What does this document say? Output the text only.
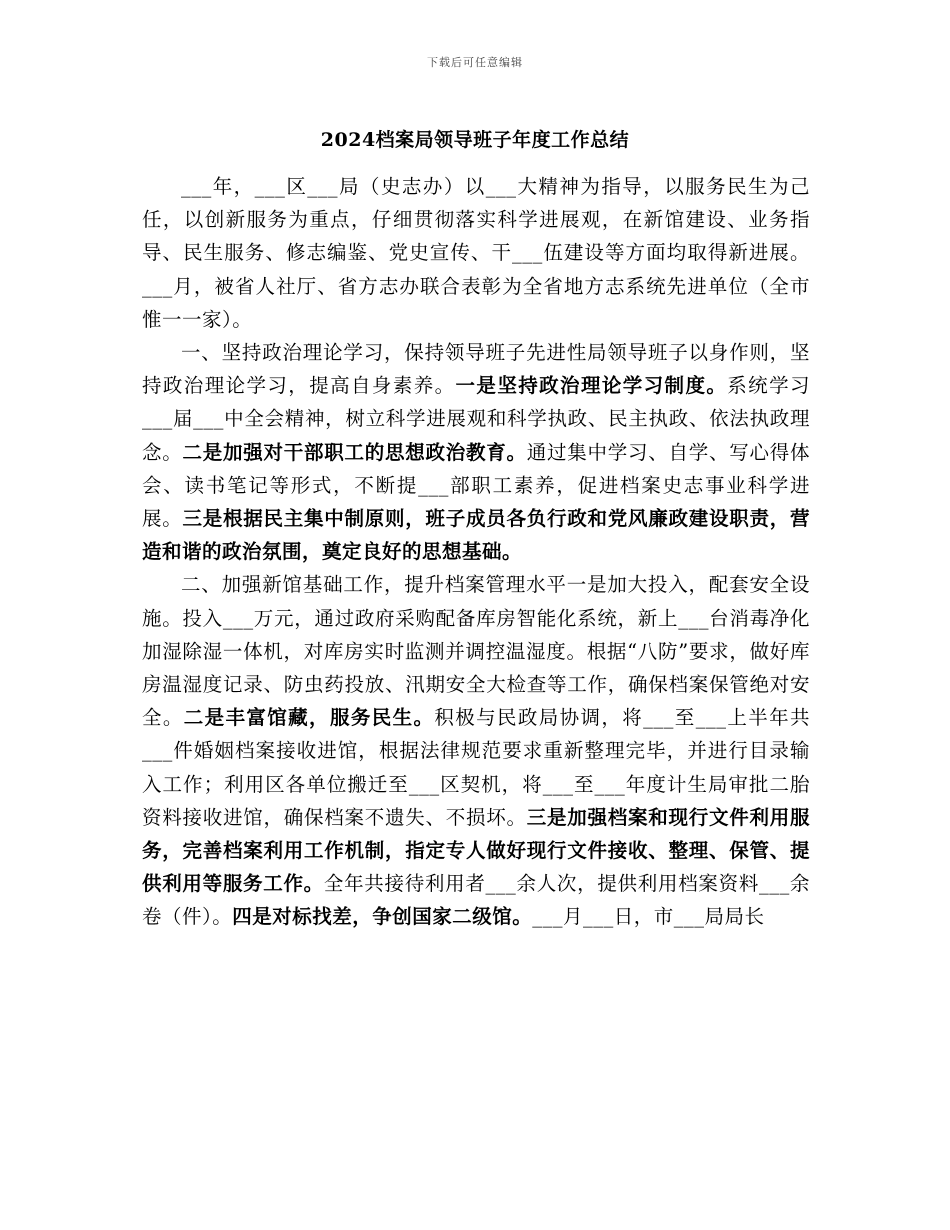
下载后可任意编辑
2024档案局领导班子年度工作总结

___年，___区___局（史志办）以___大精神为指导，以服务民生为己任，以创新服务为重点，仔细贯彻落实科学进展观，在新馆建设、业务指导、民生服务、修志编鉴、党史宣传、干___伍建设等方面均取得新进展。___月，被省人社厅、省方志办联合表彰为全省地方志系统先进单位（全市惟一一家）。

一、坚持政治理论学习，保持领导班子先进性局领导班子以身作则，坚持政治理论学习，提高自身素养。一是坚持政治理论学习制度。系统学习___届___中全会精神，树立科学进展观和科学执政、民主执政、依法执政理念。二是加强对干部职工的思想政治教育。通过集中学习、自学、写心得体会、读书笔记等形式，不断提___部职工素养，促进档案史志事业科学进展。三是根据民主集中制原则，班子成员各负行政和党风廉政建设职责，营造和谐的政治氛围，奠定良好的思想基础。

二、加强新馆基础工作，提升档案管理水平一是加大投入，配套安全设施。投入___万元，通过政府采购配备库房智能化系统，新上___台消毒净化加湿除湿一体机，对库房实时监测并调控温湿度。根据“八防”要求，做好库房温湿度记录、防虫药投放、汛期安全大检查等工作，确保档案保管绝对安全。二是丰富馆藏，服务民生。积极与民政局协调，将___至___上半年共___件婚姻档案接收进馆，根据法律规范要求重新整理完毕，并进行目录输入工作；利用区各单位搬迁至___区契机，将___至___年度计生局审批二胎资料接收进馆，确保档案不遗失、不损坏。三是加强档案和现行文件利用服务，完善档案利用工作机制，指定专人做好现行文件接收、整理、保管、提供利用等服务工作。全年共接待利用者___余人次，提供利用档案资料___余卷（件）。四是对标找差，争创国家二级馆。___月___日，市___局局长
